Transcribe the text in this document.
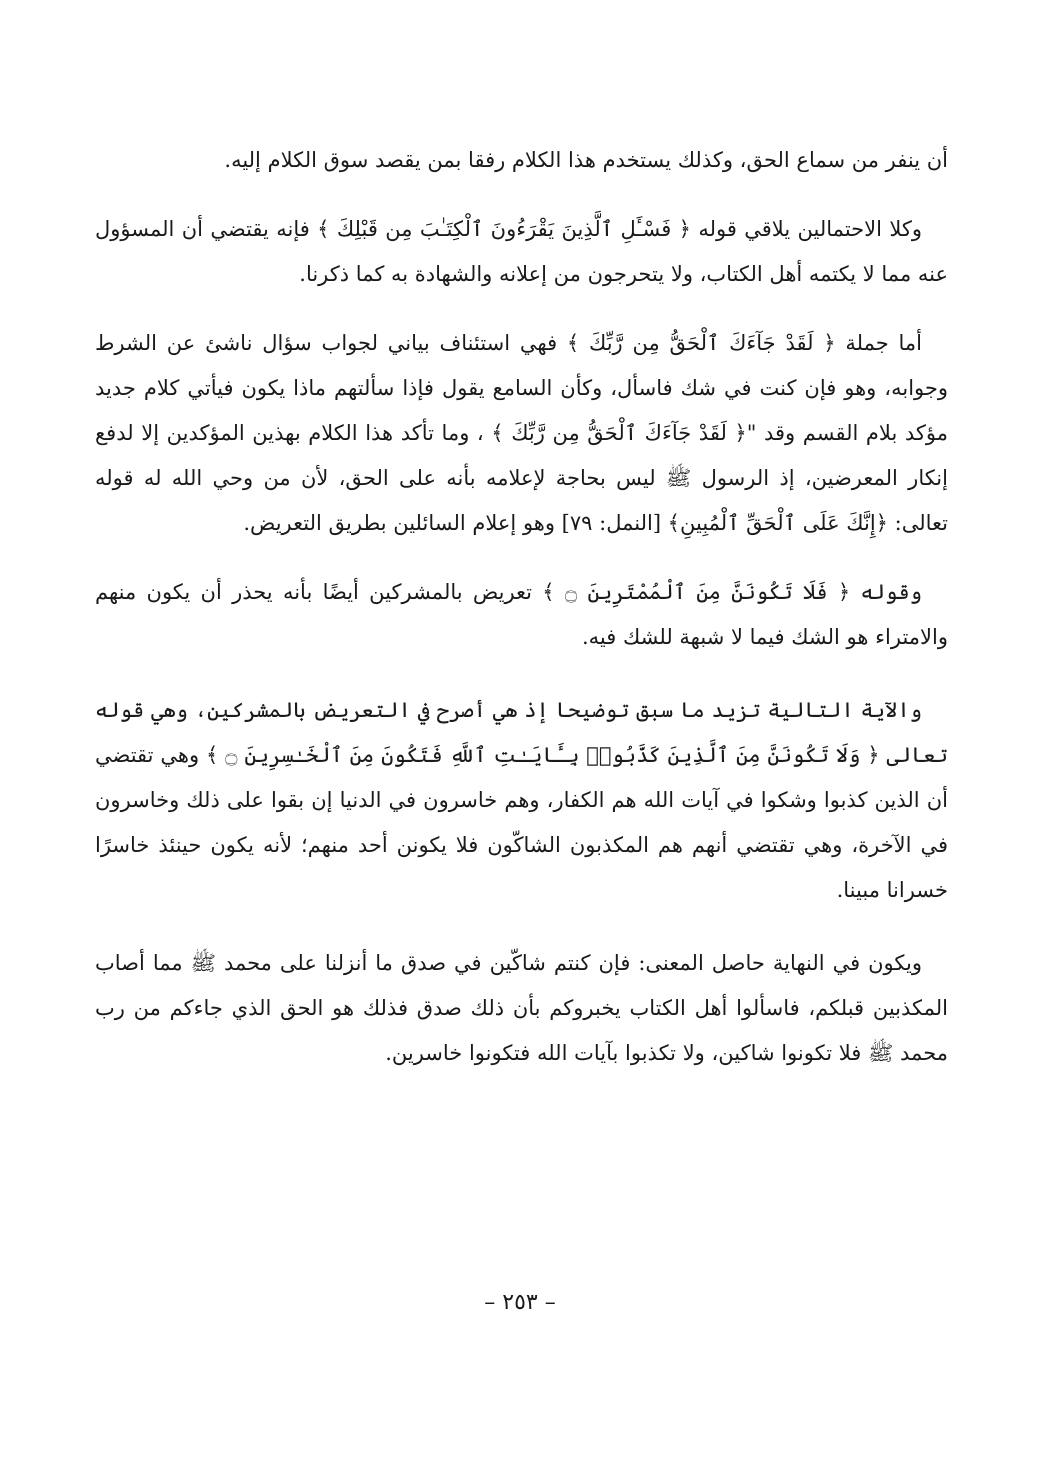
أن ينفر من سماع الحق، وكذلك يستخدم هذا الكلام رفقا بمن يقصد سوق الكلام إليه.

وكلا الاحتمالين يلاقي قوله ﴿ فَسْـَٔلِ ٱلَّذِينَ يَقْرَءُونَ ٱلْكِتَـٰبَ مِن قَبْلِكَ ﴾ فإنه يقتضي أن المسؤول عنه مما لا يكتمه أهل الكتاب، ولا يتحرجون من إعلانه والشهادة به كما ذكرنا.

أما جملة ﴿ لَقَدْ جَآءَكَ ٱلْحَقُّ مِن رَّبِّكَ ﴾ فهي استئناف بياني لجواب سؤال ناشئ عن الشرط وجوابه، وهو فإن كنت في شك فاسأل، وكأن السامع يقول فإذا سألتهم ماذا يكون فيأتي كلام جديد مؤكد بلام القسم وقد "﴿ لَقَدْ جَآءَكَ ٱلْحَقُّ مِن رَّبِّكَ ﴾ ، وما تأكد هذا الكلام بهذين المؤكدين إلا لدفع إنكار المعرضين، إذ الرسول ﷺ ليس بحاجة لإعلامه بأنه على الحق، لأن من وحي الله له قوله تعالى: ﴿إِنَّكَ عَلَى ٱلْحَقِّ ٱلْمُبِينِ﴾ [النمل: ٧٩] وهو إعلام السائلين بطريق التعريض.

وقوله ﴿ فَلَا تَكُونَنَّ مِنَ ٱلْمُمْتَرِينَ ۝ ﴾ تعريض بالمشركين أيضًا بأنه يحذر أن يكون منهم والامتراء هو الشك فيما لا شبهة للشك فيه.

والآية التالية تزيد ما سبق توضيحا إذ هي أصرح في التعريض بالمشركين، وهي قوله تعالى ﴿ وَلَا تَكُونَنَّ مِنَ ٱلَّذِينَ كَذَّبُوا۟ بِـَٔايَـٰتِ ٱللَّهِ فَتَكُونَ مِنَ ٱلْخَـٰسِرِينَ ۝ ﴾ وهي تقتضي أن الذين كذبوا وشكوا في آيات الله هم الكفار، وهم خاسرون في الدنيا إن بقوا على ذلك وخاسرون في الآخرة، وهي تقتضي أنهم هم المكذبون الشاكّون فلا يكونن أحد منهم؛ لأنه يكون حينئذ خاسرًا خسرانا مبينا.

ويكون في النهاية حاصل المعنى: فإن كنتم شاكّين في صدق ما أنزلنا على محمد ﷺ مما أصاب المكذبين قبلكم، فاسألوا أهل الكتاب يخبروكم بأن ذلك صدق فذلك هو الحق الذي جاءكم من رب محمد ﷺ فلا تكونوا شاكين، ولا تكذبوا بآيات الله فتكونوا خاسرين.

– ٢٥٣ –
